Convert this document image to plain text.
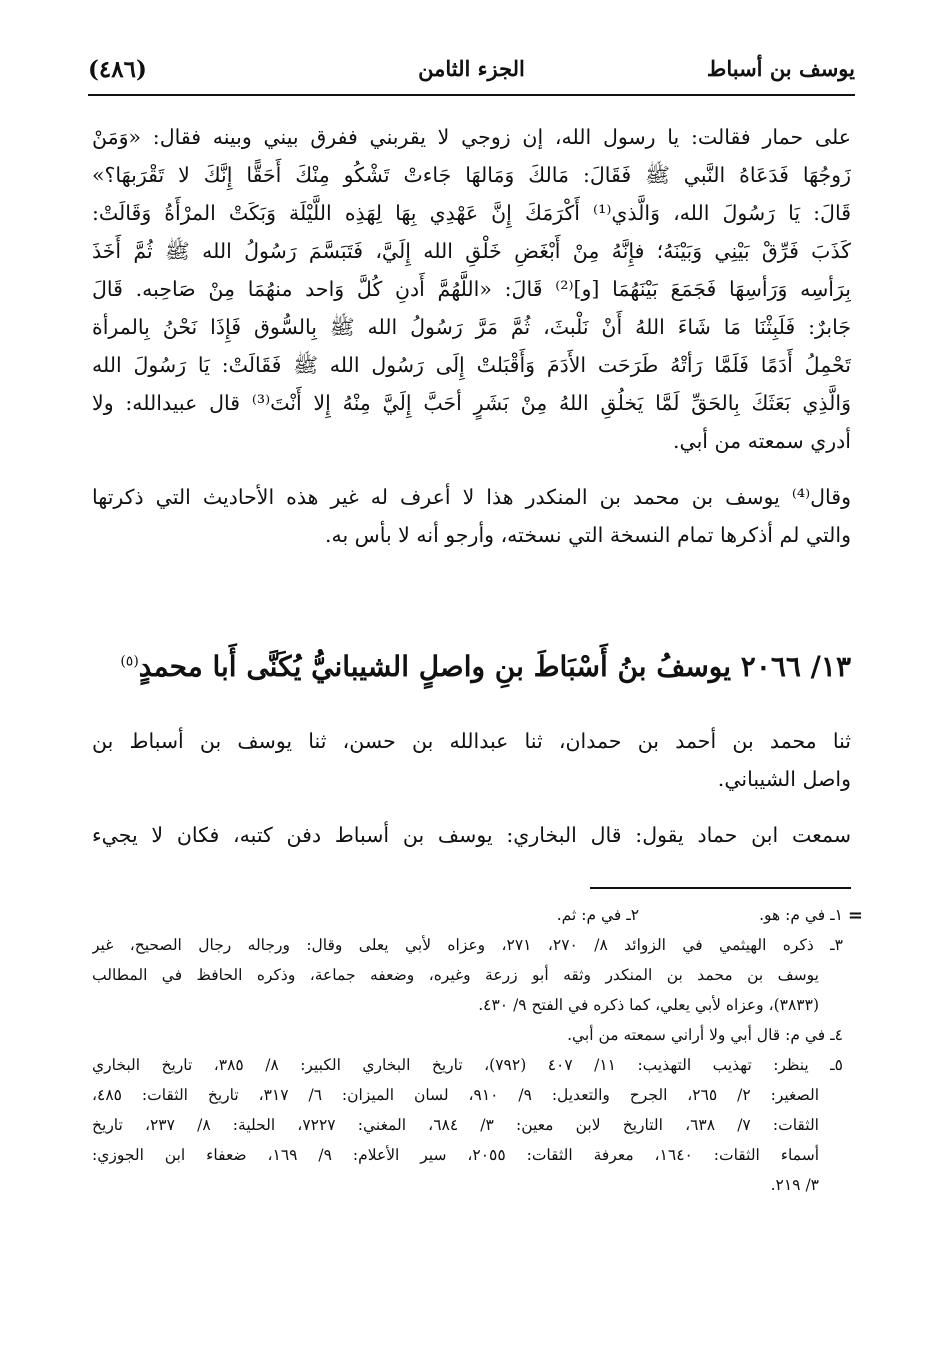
يوسف بن أسباط
الجزء الثامن
(٤٨٦)
على حمار فقالت: يا رسول الله، إن زوجي لا يقربني ففرق بيني وبينه فقال: «وَمَنْ
زَوجُهَا فَدَعَاهُ النَّبي ﷺ فَقَالَ: مَالكَ وَمَالهَا جَاءتْ تَشْكُو مِنْكَ أَحَقًّا إِنَّكَ لا تَقْرَبهَا؟»
قَالَ: يَا رَسُولَ الله، وَالَّذي⁽¹⁾ أَكْرَمَكَ إِنَّ عَهْدِي بِهَا لِهَذِه اللَّيْلَة وَبَكَتْ المرْأَةُ وَقَالَتْ:
كَذَبَ فَرِّقْ بَيْنِي وَبَيْنَهُ؛ فإِنَّهُ مِنْ أَبْغَضِ خَلْقِ الله إِلَيَّ، فَتَبَسَّمَ رَسُولُ الله ﷺ ثُمَّ أَخَذَ
بِرَأسِه وَرَأسِهَا فَجَمَعَ بَيْنَهُمَا [و]⁽²⁾ قَالَ: «اللَّهُمَّ أَدنِ كُلَّ وَاحد منهُمَا مِنْ صَاحِبه. قَالَ
جَابرٌ: فَلَبِثْنَا مَا شَاءَ اللهُ أَنْ نَلْبثَ، ثُمَّ مَرَّ رَسُولُ الله ﷺ بِالسُّوق فَإِذَا نَحْنُ بِالمرأة
تَحْمِلُ أَدَمًا فَلَمَّا رَأتْهُ طَرَحَت الأَدَمَ وَأَقْبَلتْ إِلَى رَسُول الله ﷺ فَقَالَتْ: يَا رَسُولَ الله
وَالَّذِي بَعَثَكَ بِالحَقِّ لَمَّا يَخلُقِ اللهُ مِنْ بَشَرٍ أحَبَّ إِلَيَّ مِنْهُ إِلا أَنْتَ⁽³⁾ قال عبيدالله: ولا
أدري سمعته من أبي.
وقال⁽⁴⁾ يوسف بن محمد بن المنكدر هذا لا أعرف له غير هذه الأحاديث التي ذكرتها
والتي لم أذكرها تمام النسخة التي نسخته، وأرجو أنه لا بأس به.
١٣/ ٢٠٦٦ يوسفُ بنُ أَسْبَاطَ بنِ واصلٍ الشيبانيُّ يُكَنَّى أَبا محمدٍ$^{(٥)}$
ثنا محمد بن أحمد بن حمدان، ثنا عبدالله بن حسن، ثنا يوسف بن أسباط بن
واصل الشيباني.
سمعت ابن حماد يقول: قال البخاري: يوسف بن أسباط دفن كتبه، فكان لا يجيء
=
١ـ في م: هو.
٢ـ في م: ثم.
٣ـ ذكره الهيثمي في الزوائد ٨/ ٢٧٠، ٢٧١، وعزاه لأبي يعلى وقال: ورجاله رجال الصحيح، غير
يوسف بن محمد بن المنكدر وثقه أبو زرعة وغيره، وضعفه جماعة، وذكره الحافظ في المطالب
(٣٨٣٣)، وعزاه لأبي يعلي، كما ذكره في الفتح ٩/ ٤٣٠.
٤ـ في م: قال أبي ولا أراني سمعته من أبي.
٥ـ ينظر: تهذيب التهذيب: ١١/ ٤٠٧ (٧٩٢)، تاريخ البخاري الكبير: ٨/ ٣٨٥، تاريخ البخاري
الصغير: ٢/ ٢٦٥، الجرح والتعديل: ٩/ ٩١٠، لسان الميزان: ٦/ ٣١٧، تاريخ الثقات: ٤٨٥،
الثقات: ٧/ ٦٣٨، التاريخ لابن معين: ٣/ ٦٨٤، المغني: ٧٢٢٧، الحلية: ٨/ ٢٣٧، تاريخ
أسماء الثقات: ١٦٤٠، معرفة الثقات: ٢٠٥٥، سير الأعلام: ٩/ ١٦٩، ضعفاء ابن الجوزي:
٣/ ٢١٩.
